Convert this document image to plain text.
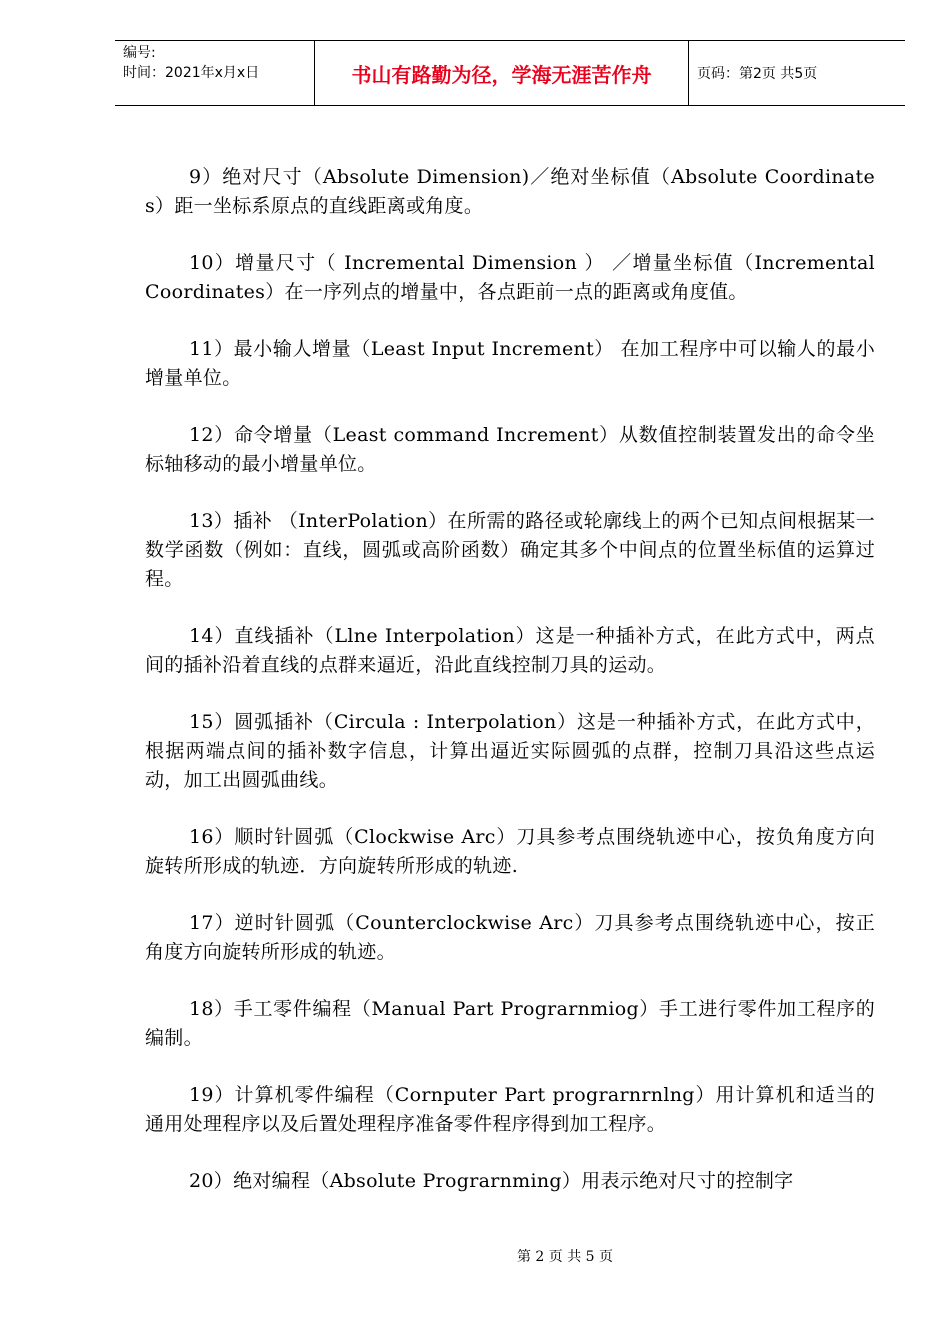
编号:
时间：2021年x月x日	书山有路勤为径，学海无涯苦作舟	页码：第2页 共5页

9）绝对尺寸（Absolute Dimension)／绝对坐标值（Absolute Coordinates）距一坐标系原点的直线距离或角度。

10）增量尺寸（ Incremental Dimension ） ／增量坐标值（Incremental Coordinates）在一序列点的增量中，各点距前一点的距离或角度值。

11）最小输人增量（Least Input Increment） 在加工程序中可以输人的最小增量单位。

12）命令增量（Least command Increment）从数值控制装置发出的命令坐标轴移动的最小增量单位。

13）插补 （InterPolation）在所需的路径或轮廓线上的两个已知点间根据某一数学函数（例如：直线，圆弧或高阶函数）确定其多个中间点的位置坐标值的运算过程。

14）直线插补（Llne Interpolation）这是一种插补方式，在此方式中，两点间的插补沿着直线的点群来逼近，沿此直线控制刀具的运动。

15）圆弧插补（Circula : Interpolation）这是一种插补方式，在此方式中，根据两端点间的插补数字信息，计算出逼近实际圆弧的点群，控制刀具沿这些点运动，加工出圆弧曲线。

16）顺时针圆弧（Clockwise Arc）刀具参考点围绕轨迹中心，按负角度方向旋转所形成的轨迹．方向旋转所形成的轨迹.

17）逆时针圆弧（Counterclockwise Arc）刀具参考点围绕轨迹中心，按正角度方向旋转所形成的轨迹。

18）手工零件编程（Manual Part Prograrnmiog）手工进行零件加工程序的编制。

19）计算机零件编程（Cornputer Part prograrnrnlng）用计算机和适当的通用处理程序以及后置处理程序准备零件程序得到加工程序。

20）绝对编程（Absolute Prograrnming）用表示绝对尺寸的控制字

第 2 页 共 5 页
